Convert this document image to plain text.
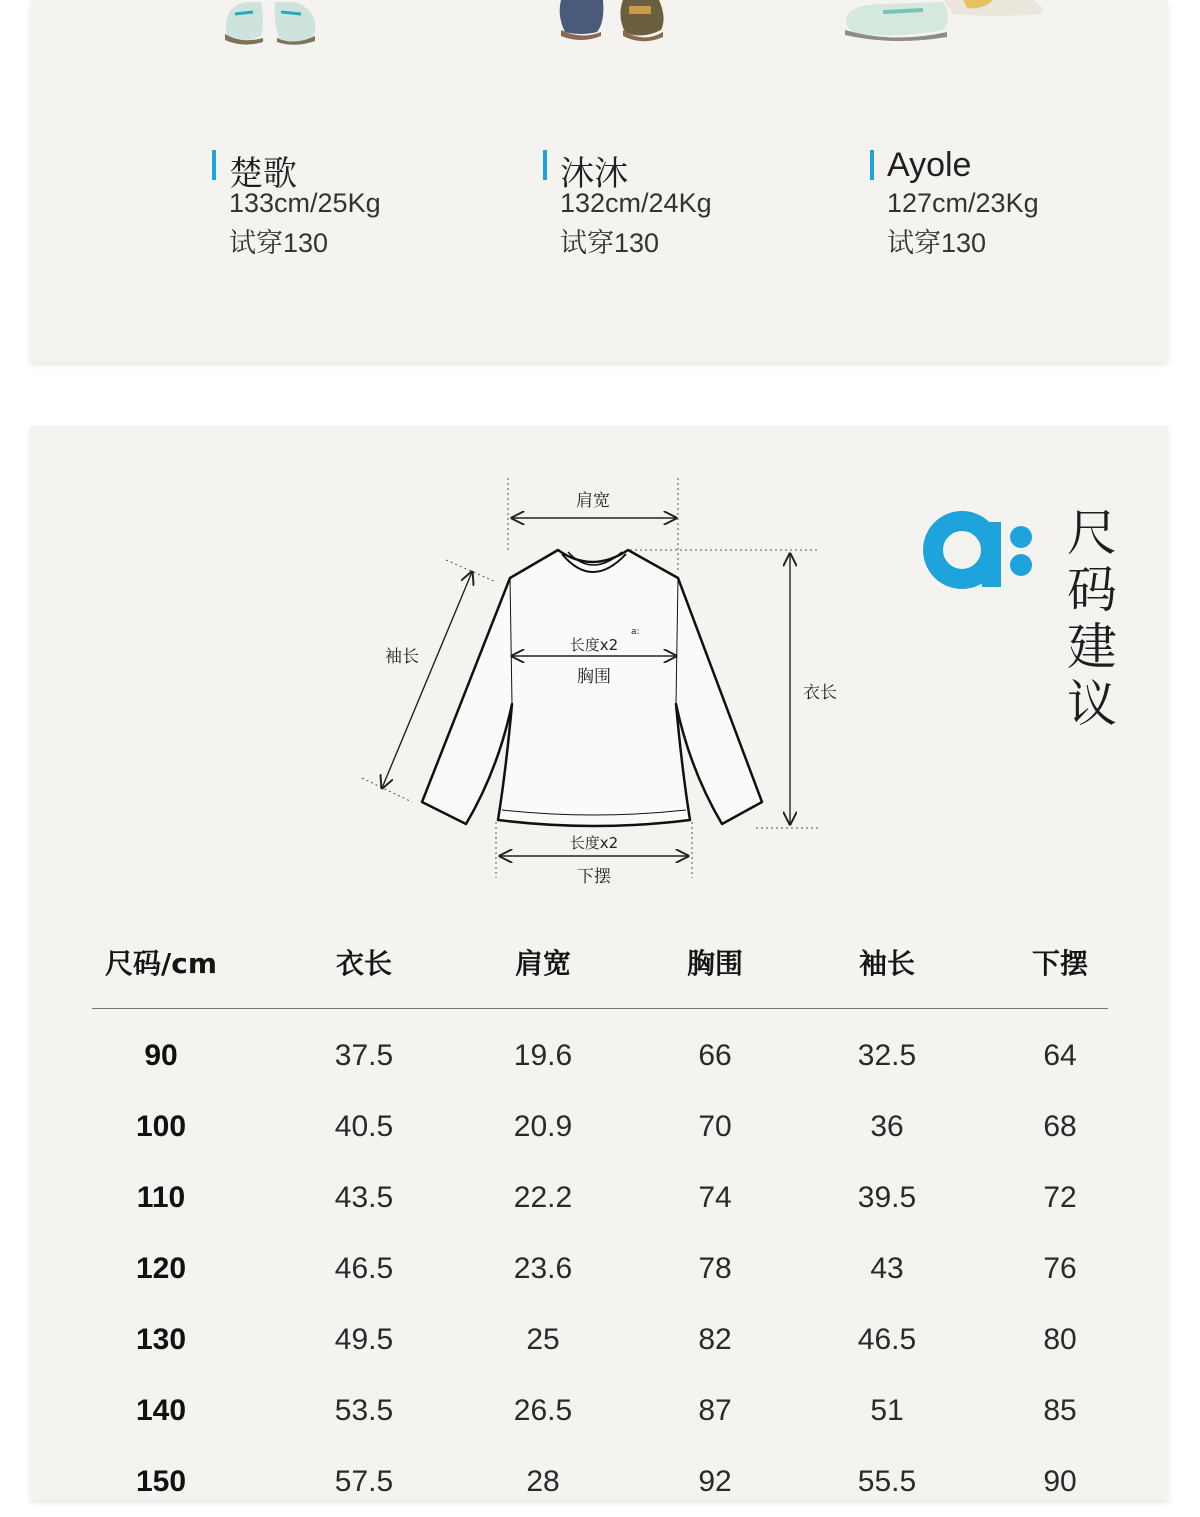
楚歌
133cm/25Kg
试穿130
沐沐
132cm/24Kg
试穿130
Ayole
127cm/23Kg
试穿130
a:
肩宽
衣长
袖长
长度x2
胸围
长度x2
下摆
尺
码
建
议
尺码/cm	衣长	肩宽	胸围	袖长	下摆
90	37.5	19.6	66	32.5	64
100	40.5	20.9	70	36	68
110	43.5	22.2	74	39.5	72
120	46.5	23.6	78	43	76
130	49.5	25	82	46.5	80
140	53.5	26.5	87	51	85
150	57.5	28	92	55.5	90
